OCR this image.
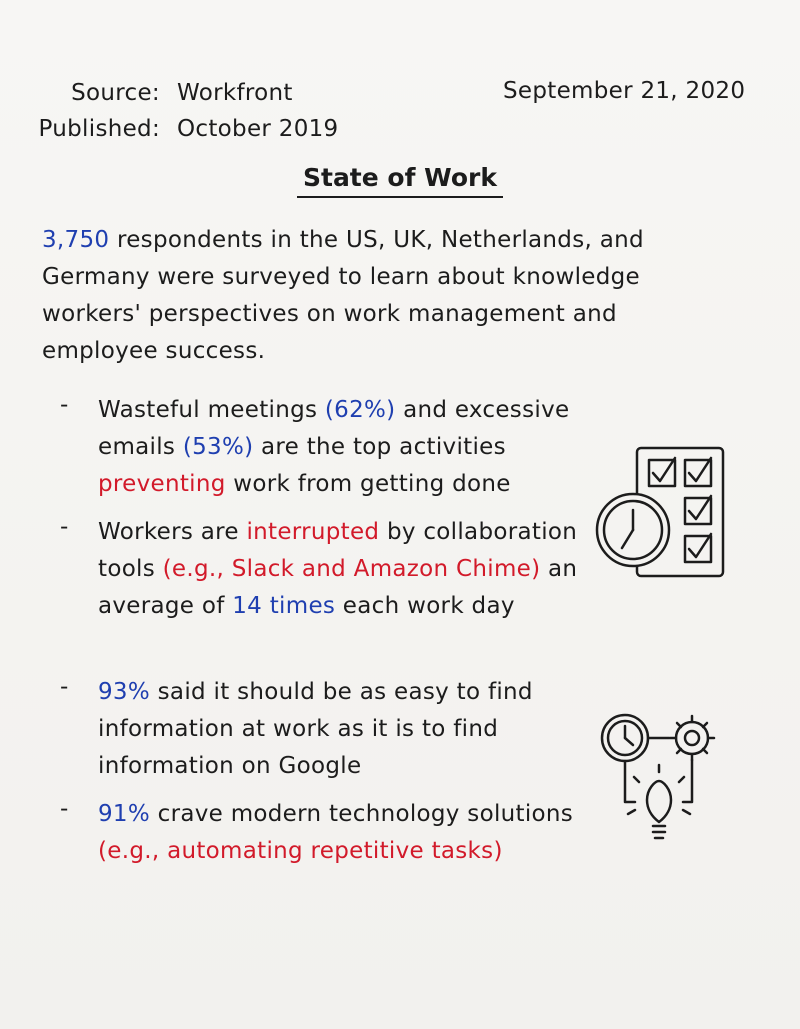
Source: Workfront
Published: October 2019
September 21, 2020
State of Work
3,750 respondents in the US, UK, Netherlands, and Germany were surveyed to learn about knowledge workers' perspectives on work management and employee success.
-	Wasteful meetings (62%) and excessive emails (53%) are the top activities preventing work from getting done
-	Workers are interrupted by collaboration tools (e.g., Slack and Amazon Chime) an average of 14 times each work day
-	93% said it should be as easy to find information at work as it is to find information on Google
-	91% crave modern technology solutions (e.g., automating repetitive tasks)
